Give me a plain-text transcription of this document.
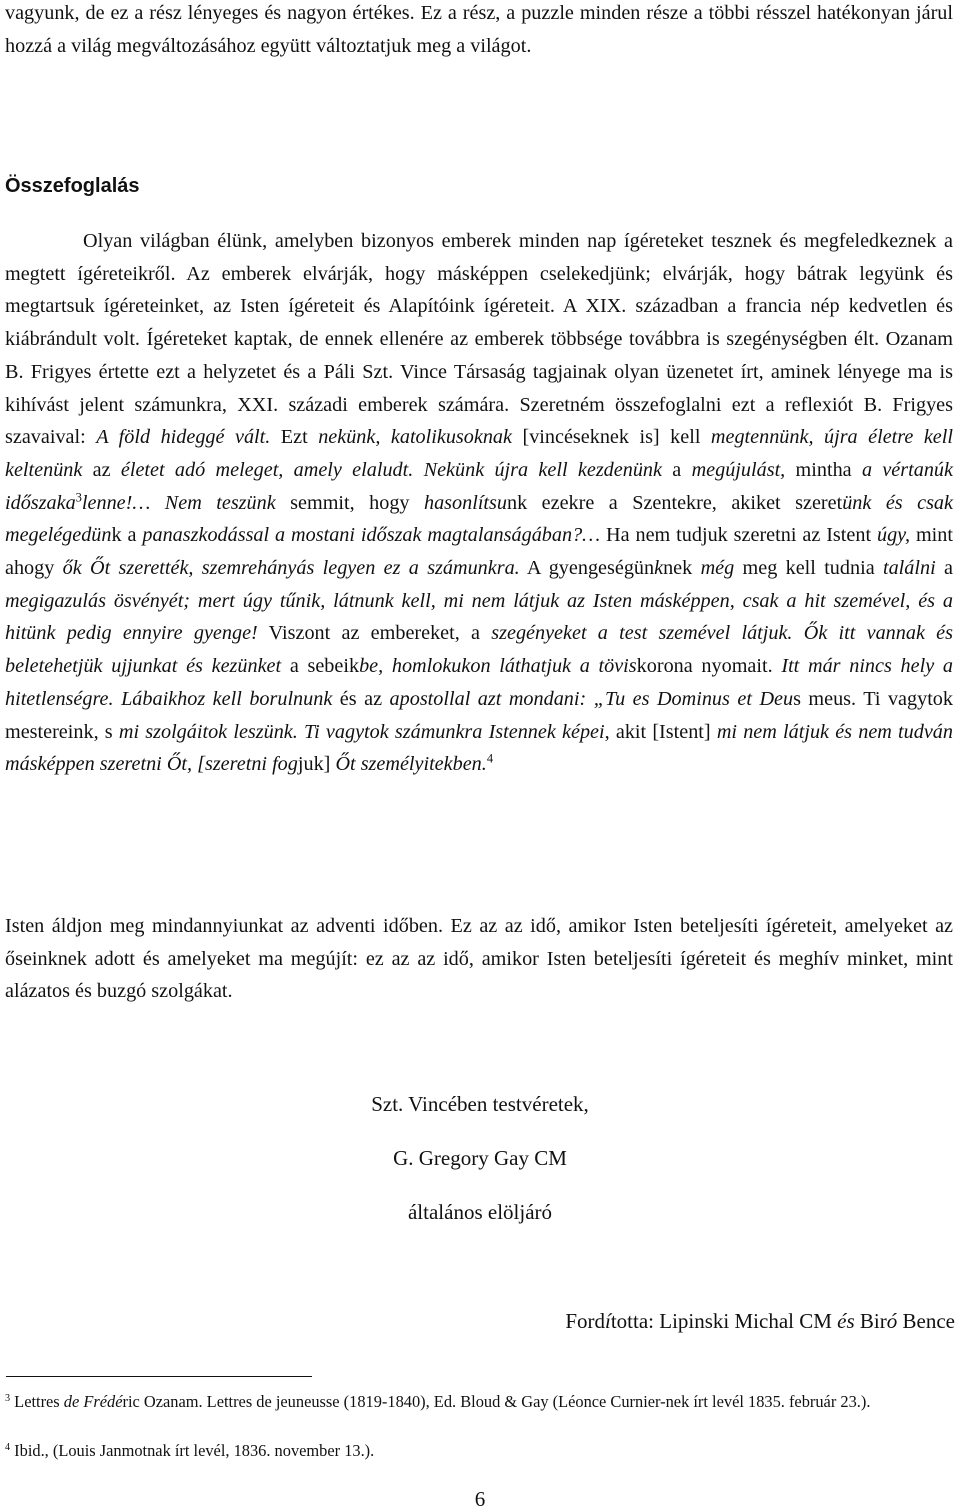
vagyunk, de ez a rész lényeges és nagyon értékes. Ez a rész, a puzzle minden része a többi résszel hatékonyan járul hozzá a világ megváltozásához együtt változtatjuk meg a világot.

Összefoglalás

Olyan világban élünk, amelyben bizonyos emberek minden nap ígéreteket tesznek és megfeledkeznek a megtett ígéreteikről. Az emberek elvárják, hogy másképpen cselekedjünk; elvárják, hogy bátrak legyünk és megtartsuk ígéreteinket, az Isten ígéreteit és Alapítóink ígéreteit. A XIX. században a francia nép kedvetlen és kiábrándult volt. Ígéreteket kaptak, de ennek ellenére az emberek többsége továbbra is szegénységben élt. Ozanam B. Frigyes értette ezt a helyzetet és a Páli Szt. Vince Társaság tagjainak olyan üzenetet írt, aminek lényege ma is kihívást jelent számunkra, XXI. századi emberek számára. Szeretném összefoglalni ezt a reflexiót B. Frigyes szavaival: A föld hideggé vált. Ezt nekünk, katolikusoknak [vincéseknek is] kell megtennünk, újra életre kell keltenünk az életet adó meleget, amely elaludt. Nekünk újra kell kezdenünk a megújulást, mintha a vértanúk időszaka$^3$lenne!… Nem teszünk semmit, hogy hasonlítsunk ezekre a Szentekre, akiket szeretünk és csak megelégedünk a panaszkodással a mostani időszak magtalanságában?… Ha nem tudjuk szeretni az Istent úgy, mint ahogy ők Őt szerették, szemrehányás legyen ez a számunkra. A gyengeségünknek még meg kell tudnia találni a megigazulás ösvényét; mert úgy tűnik, látnunk kell, mi nem látjuk az Isten másképpen, csak a hit szemével, és a hitünk pedig ennyire gyenge! Viszont az embereket, a szegényeket a test szemével látjuk. Ők itt vannak és beletehetjük ujjunkat és kezünket a sebeikbe, homlokukon láthatjuk a töviskorona nyomait. Itt már nincs hely a hitetlenségre. Lábaikhoz kell borulnunk és az apostollal azt mondani: „Tu es Dominus et Deus meus. Ti vagytok mestereink, s mi szolgáitok leszünk. Ti vagytok számunkra Istennek képei, akit [Istent] mi nem látjuk és nem tudván másképpen szeretni Őt, [szeretni fogjuk] Őt személyitekben.$^4$

Isten áldjon meg mindannyiunkat az adventi időben. Ez az az idő, amikor Isten beteljesíti ígéreteit, amelyeket az őseinknek adott és amelyeket ma megújít: ez az az idő, amikor Isten beteljesíti ígéreteit és meghív minket, mint alázatos és buzgó szolgákat.

Szt. Vincében testvéretek,

G. Gregory Gay CM

általános elöljáró

Fordította: Lipinski Michal CM és Biró Bence

$^3$ Lettres de Frédéric Ozanam. Lettres de jeuneusse (1819-1840), Ed. Bloud & Gay (Léonce Curnier-nek írt levél 1835. február 23.).

$^4$ Ibid., (Louis Janmotnak írt levél, 1836. november 13.).

6
